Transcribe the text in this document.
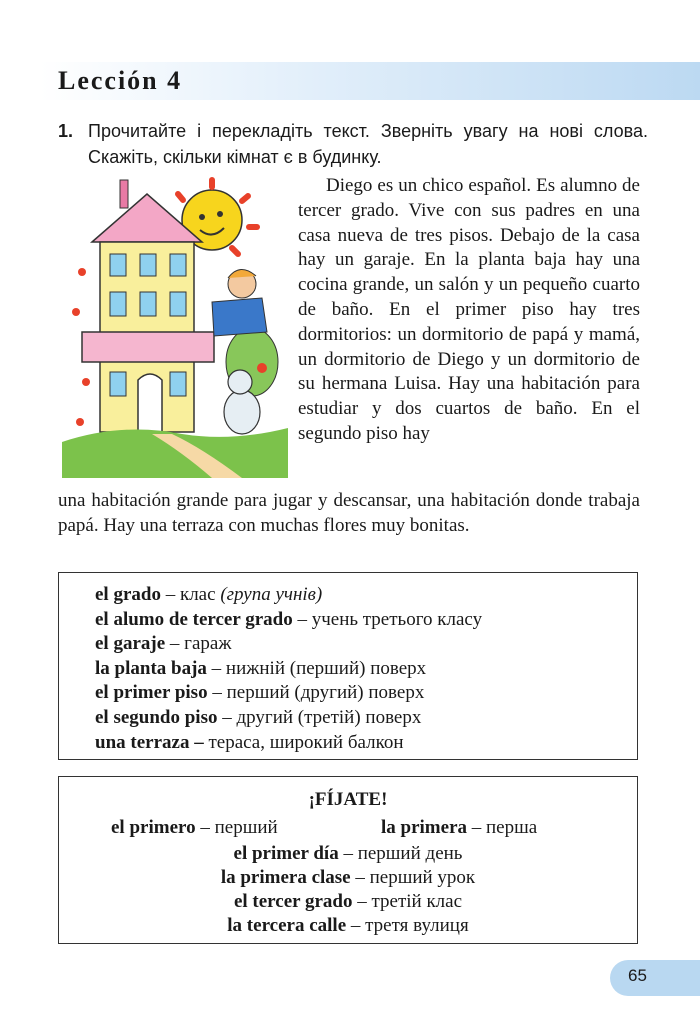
Lección 4
1. Прочитайте і перекладіть текст. Зверніть увагу на нові слова. Скажіть, скільки кімнат є в будинку.

Diego es un chico español. Es alumno de tercer grado. Vive con sus padres en una casa nueva de tres pisos. Debajo de la casa hay un garaje. En la planta baja hay una cocina grande, un salón y un pequeño cuarto de baño. En el primer piso hay tres dormitorios: un dormitorio de papá y mamá, un dormitorio de Diego y un dormitorio de su hermana Luisa. Hay una habitación para estudiar y dos cuartos de baño. En el segundo piso hay

una habitación grande para jugar y descansar, una habitación donde trabaja papá. Hay una terraza con muchas flores muy bonitas.

el grado – клас (група учнів)
el alumo de tercer grado – учень третього класу
el garaje – гараж
la planta baja – нижній (перший) поверх
el primer piso – перший (другий) поверх
el segundo piso – другий (третій) поверх
una terraza – тераса, широкий балкон
¡FÍJATE!
el primero – перший	la primera – перша
el primer día – перший день
la primera clase – перший урок
el tercer grado – третій клас
la tercera calle – третя вулиця
65
